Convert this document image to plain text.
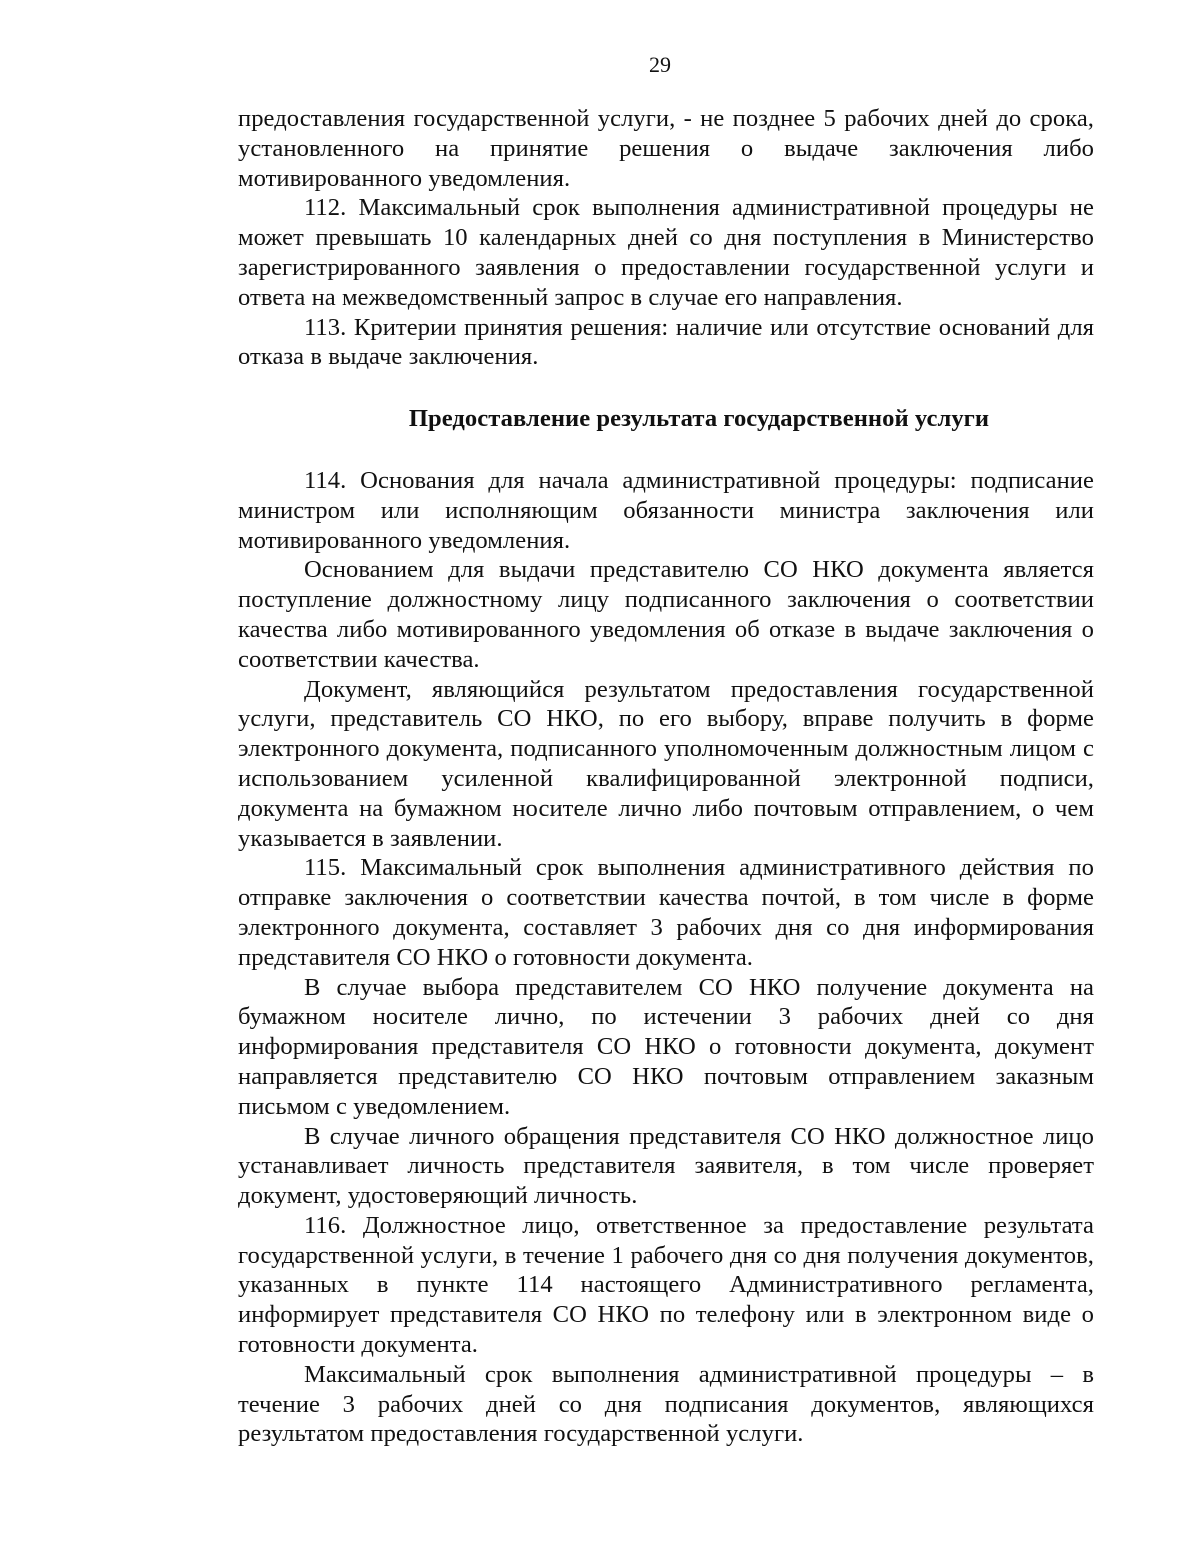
29

предоставления государственной услуги, - не позднее 5 рабочих дней до срока, установленного на принятие решения о выдаче заключения либо мотивированного уведомления.

112. Максимальный срок выполнения административной процедуры не может превышать 10 календарных дней со дня поступления в Министерство зарегистрированного заявления о предоставлении государственной услуги и ответа на межведомственный запрос в случае его направления.

113. Критерии принятия решения: наличие или отсутствие оснований для отказа в выдаче заключения.

Предоставление результата государственной услуги

114. Основания для начала административной процедуры: подписание министром или исполняющим обязанности министра заключения или мотивированного уведомления.

Основанием для выдачи представителю СО НКО документа является поступление должностному лицу подписанного заключения о соответствии качества либо мотивированного уведомления об отказе в выдаче заключения о соответствии качества.

Документ, являющийся результатом предоставления государственной услуги, представитель СО НКО, по его выбору, вправе получить в форме электронного документа, подписанного уполномоченным должностным лицом с использованием усиленной квалифицированной электронной подписи, документа на бумажном носителе лично либо почтовым отправлением, о чем указывается в заявлении.

115. Максимальный срок выполнения административного действия по отправке заключения о соответствии качества почтой, в том числе в форме электронного документа, составляет 3 рабочих дня со дня информирования представителя СО НКО о готовности документа.

В случае выбора представителем СО НКО получение документа на бумажном носителе лично, по истечении 3 рабочих дней со дня информирования представителя СО НКО о готовности документа, документ направляется представителю СО НКО почтовым отправлением заказным письмом с уведомлением.

В случае личного обращения представителя СО НКО должностное лицо устанавливает личность представителя заявителя, в том числе проверяет документ, удостоверяющий личность.

116. Должностное лицо, ответственное за предоставление результата государственной услуги, в течение 1 рабочего дня со дня получения документов, указанных в пункте 114 настоящего Административного регламента, информирует представителя СО НКО по телефону или в электронном виде о готовности документа.

Максимальный срок выполнения административной процедуры – в течение 3 рабочих дней со дня подписания документов, являющихся результатом предоставления государственной услуги.
